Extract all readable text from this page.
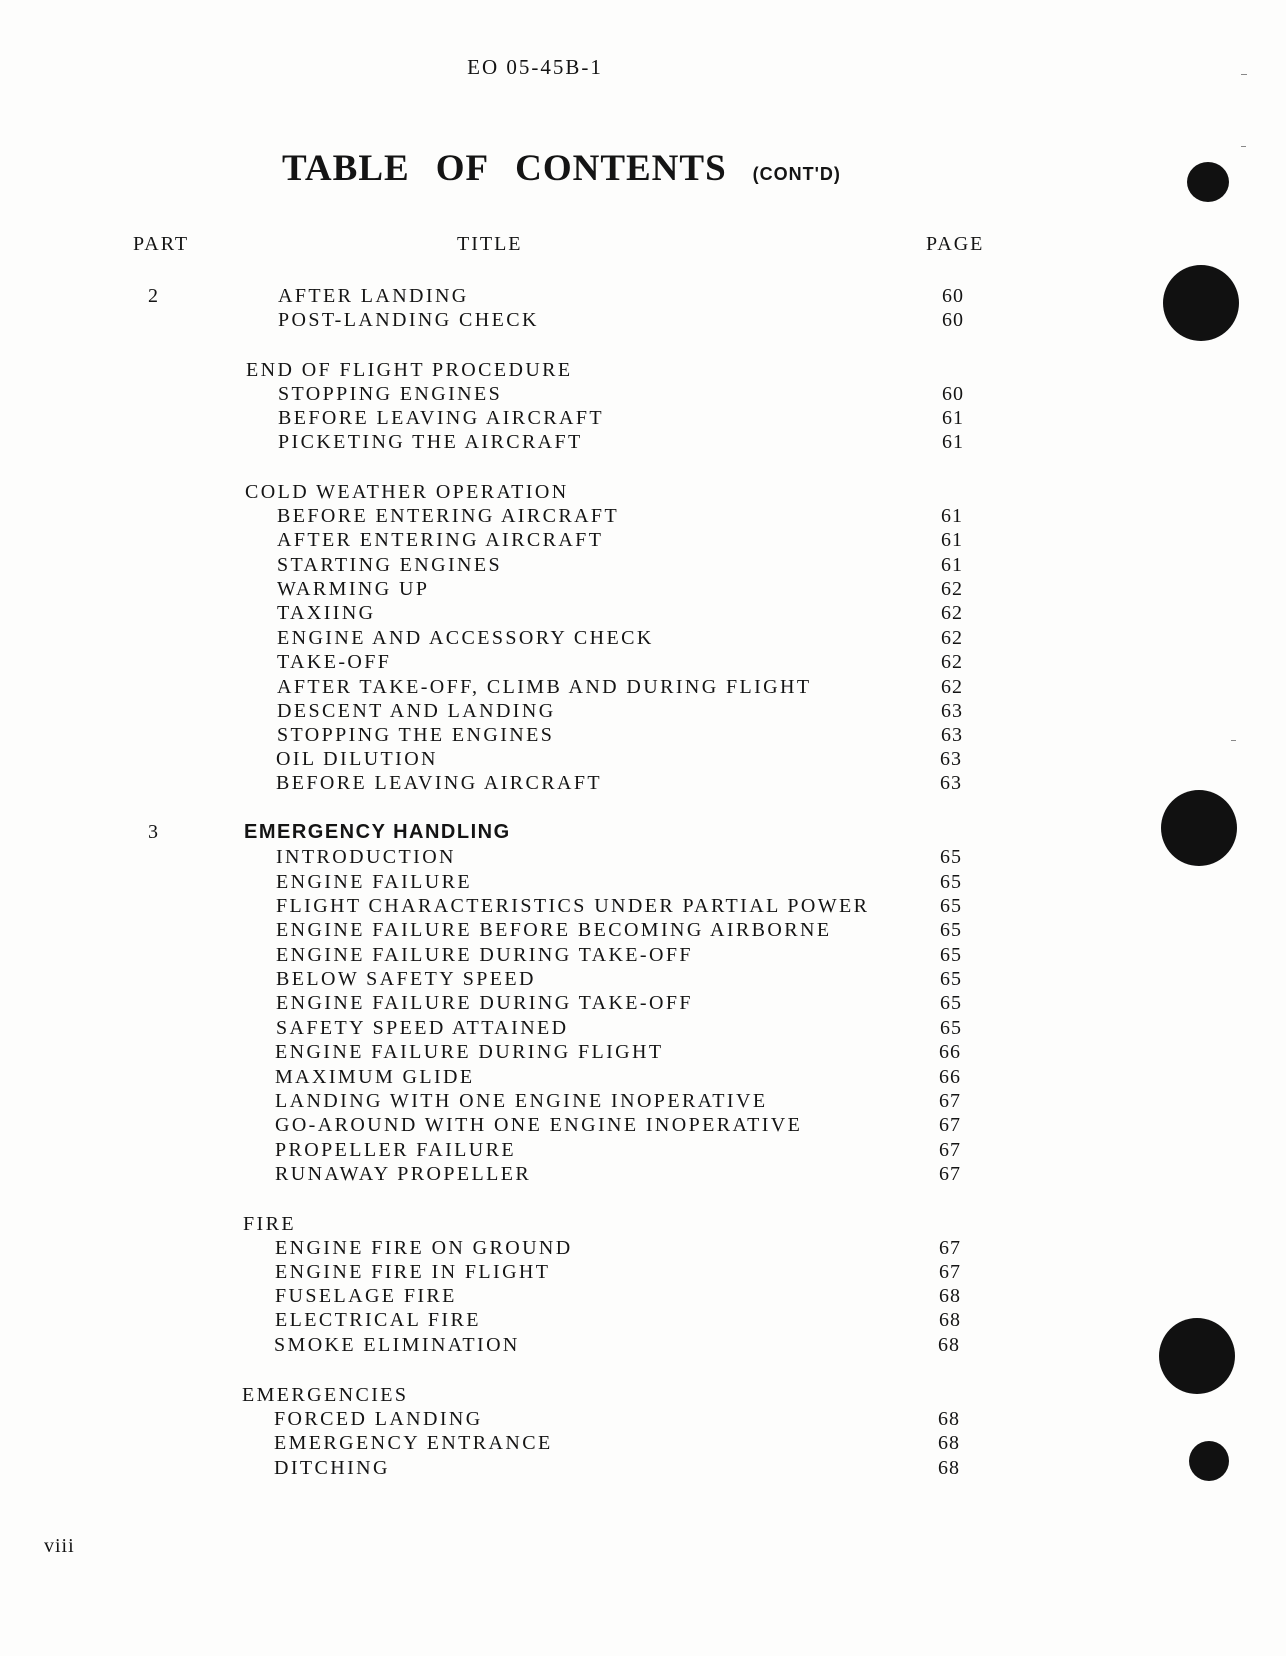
EO 05-45B-1
TABLE OF CONTENTS (CONT'D)
PART	TITLE	PAGE
2	AFTER LANDING	60
POST-LANDING CHECK	60
END OF FLIGHT PROCEDURE
STOPPING ENGINES	60
BEFORE LEAVING AIRCRAFT	61
PICKETING THE AIRCRAFT	61
COLD WEATHER OPERATION
BEFORE ENTERING AIRCRAFT	61
AFTER ENTERING AIRCRAFT	61
STARTING ENGINES	61
WARMING UP	62
TAXIING	62
ENGINE AND ACCESSORY CHECK	62
TAKE-OFF	62
AFTER TAKE-OFF, CLIMB AND DURING FLIGHT	62
DESCENT AND LANDING	63
STOPPING THE ENGINES	63
OIL DILUTION	63
BEFORE LEAVING AIRCRAFT	63
3	EMERGENCY HANDLING
INTRODUCTION	65
ENGINE FAILURE	65
FLIGHT CHARACTERISTICS UNDER PARTIAL POWER	65
ENGINE FAILURE BEFORE BECOMING AIRBORNE	65
ENGINE FAILURE DURING TAKE-OFF	65
BELOW SAFETY SPEED	65
ENGINE FAILURE DURING TAKE-OFF	65
SAFETY SPEED ATTAINED	65
ENGINE FAILURE DURING FLIGHT	66
MAXIMUM GLIDE	66
LANDING WITH ONE ENGINE INOPERATIVE	67
GO-AROUND WITH ONE ENGINE INOPERATIVE	67
PROPELLER FAILURE	67
RUNAWAY PROPELLER	67
FIRE
ENGINE FIRE ON GROUND	67
ENGINE FIRE IN FLIGHT	67
FUSELAGE FIRE	68
ELECTRICAL FIRE	68
SMOKE ELIMINATION	68
EMERGENCIES
FORCED LANDING	68
EMERGENCY ENTRANCE	68
DITCHING	68
viii
